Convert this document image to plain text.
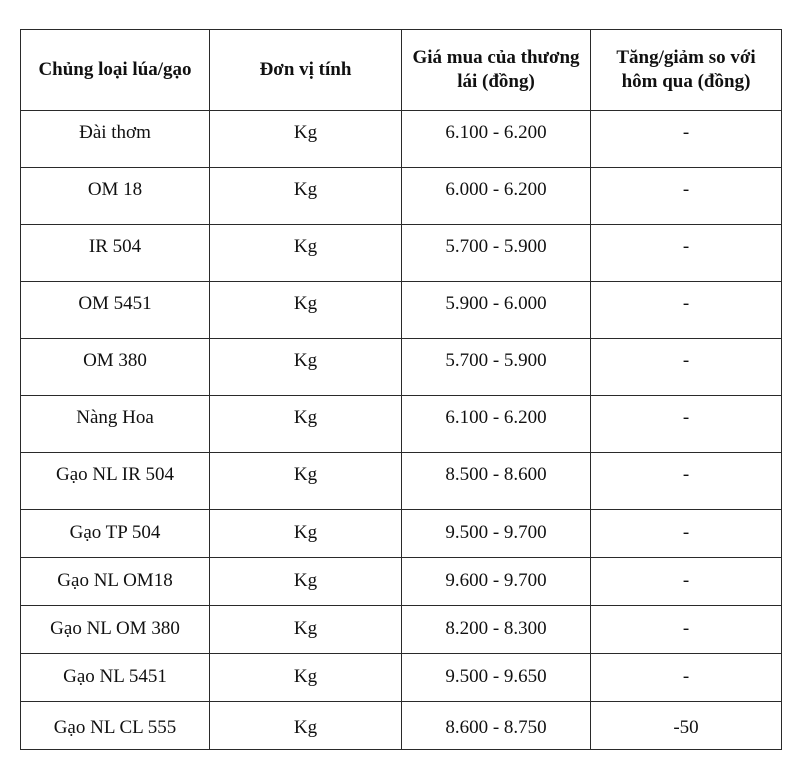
Chủng loại lúa/gạo	Đơn vị tính	Giá mua của thương lái (đồng)	Tăng/giảm so với hôm qua (đồng)
Đài thơm	Kg	6.100 - 6.200	-
OM 18	Kg	6.000 - 6.200	-
IR 504	Kg	5.700 - 5.900	-
OM 5451	Kg	5.900 - 6.000	-
OM 380	Kg	5.700 - 5.900	-
Nàng Hoa	Kg	6.100 - 6.200	-
Gạo NL IR 504	Kg	8.500 - 8.600	-
Gạo TP 504	Kg	9.500 - 9.700	-
Gạo NL OM18	Kg	9.600 - 9.700	-
Gạo NL OM 380	Kg	8.200 - 8.300	-
Gạo NL 5451	Kg	9.500 - 9.650	-
Gạo NL CL 555	Kg	8.600 - 8.750	-50
